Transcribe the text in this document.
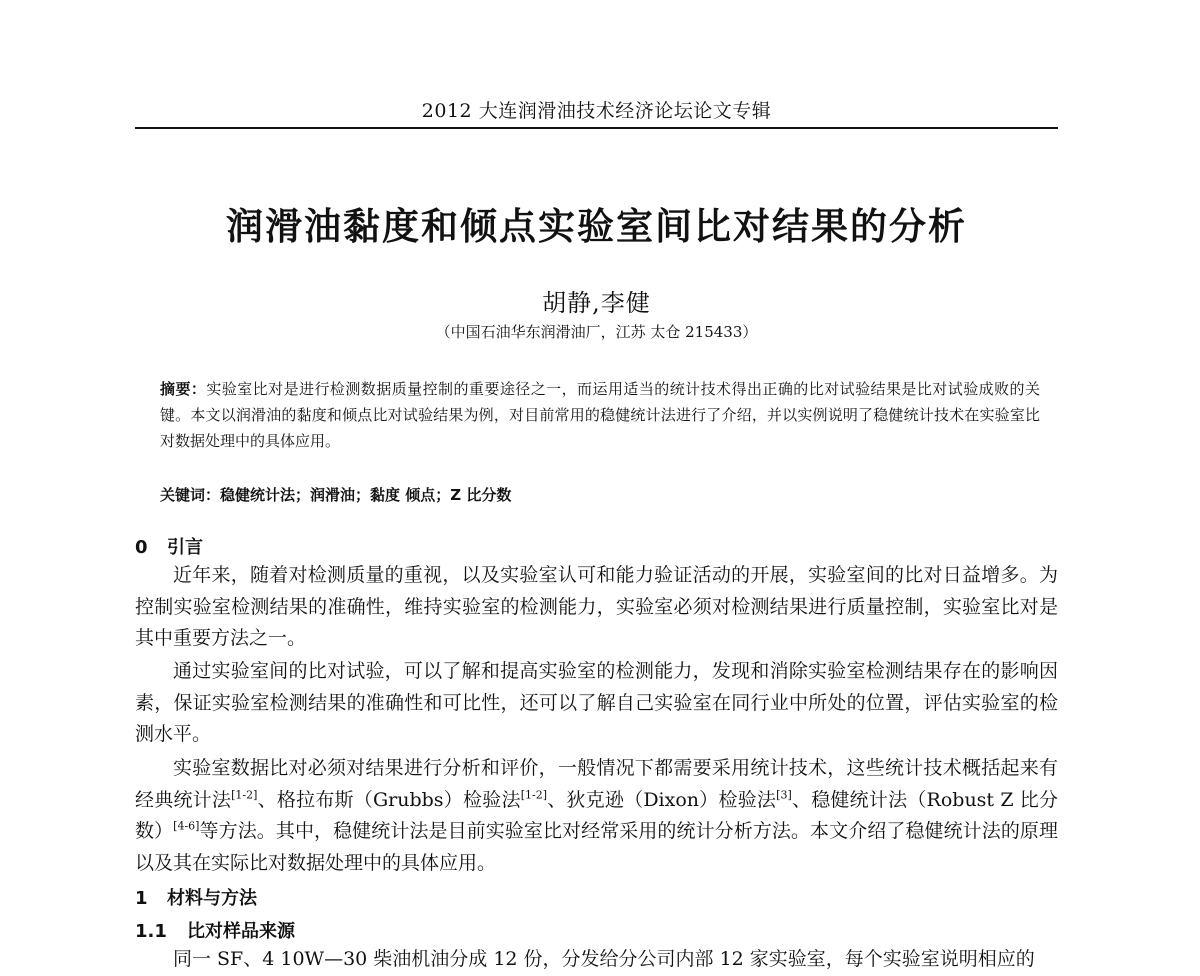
2012 大连润滑油技术经济论坛论文专辑
润滑油黏度和倾点实验室间比对结果的分析
胡静,李健
（中国石油华东润滑油厂，江苏 太仓 215433）

摘要：实验室比对是进行检测数据质量控制的重要途径之一，而运用适当的统计技术得出正确的比对试验结果是比对试验成败的关键。本文以润滑油的黏度和倾点比对试验结果为例，对目前常用的稳健统计法进行了介绍，并以实例说明了稳健统计技术在实验室比对数据处理中的具体应用。

关键词：稳健统计法；润滑油；黏度 倾点；Z 比分数

0 引言

近年来，随着对检测质量的重视，以及实验室认可和能力验证活动的开展，实验室间的比对日益增多。为控制实验室检测结果的准确性，维持实验室的检测能力，实验室必须对检测结果进行质量控制，实验室比对是其中重要方法之一。

通过实验室间的比对试验，可以了解和提高实验室的检测能力，发现和消除实验室检测结果存在的影响因素，保证实验室检测结果的准确性和可比性，还可以了解自己实验室在同行业中所处的位置，评估实验室的检测水平。

实验室数据比对必须对结果进行分析和评价，一般情况下都需要采用统计技术，这些统计技术概括起来有经典统计法[1-2]、格拉布斯（Grubbs）检验法[1-2]、狄克逊（Dixon）检验法[3]、稳健统计法（Robust Z 比分数）[4-6]等方法。其中，稳健统计法是目前实验室比对经常采用的统计分析方法。本文介绍了稳健统计法的原理以及其在实际比对数据处理中的具体应用。

1 材料与方法
1.1 比对样品来源

同一 SF、4 10W—30 柴油机油分成 12 份，分发给分公司内部 12 家实验室，每个实验室说明相应的
